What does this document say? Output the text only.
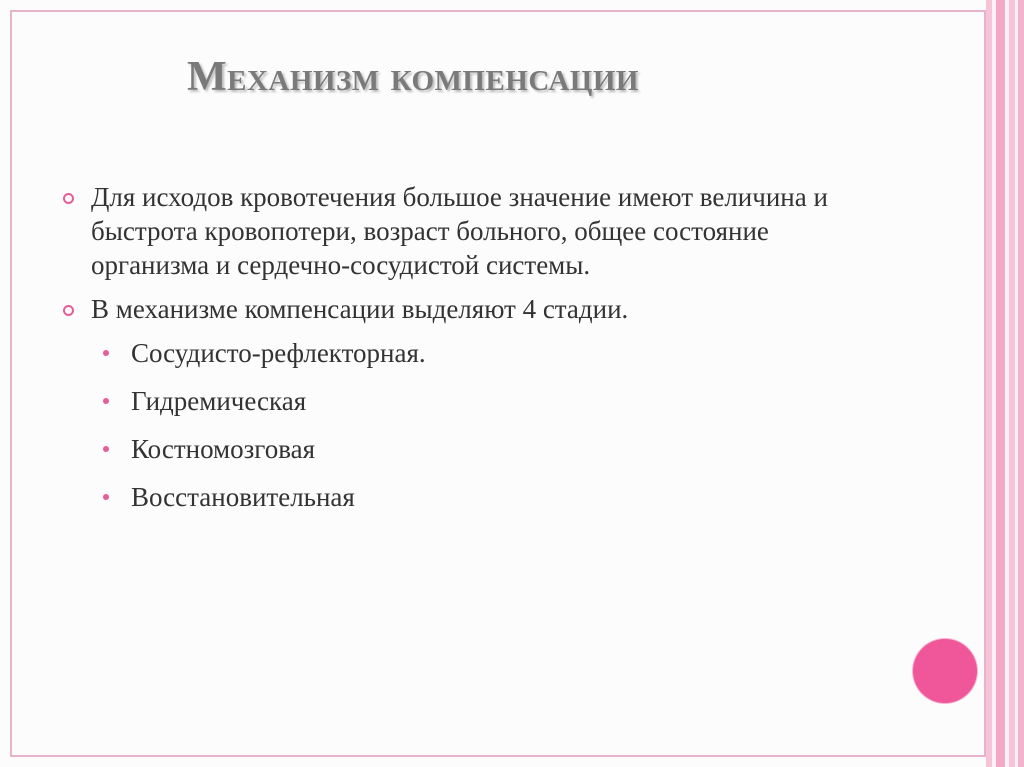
Механизм компенсации
Для исходов кровотечения большое значение имеют величина и быстрота кровопотери, возраст больного, общее состояние организма и сердечно-сосудистой системы.
В механизме компенсации выделяют 4 стадии.
Сосудисто-рефлекторная.
Гидремическая
Костномозговая
Восстановительная
